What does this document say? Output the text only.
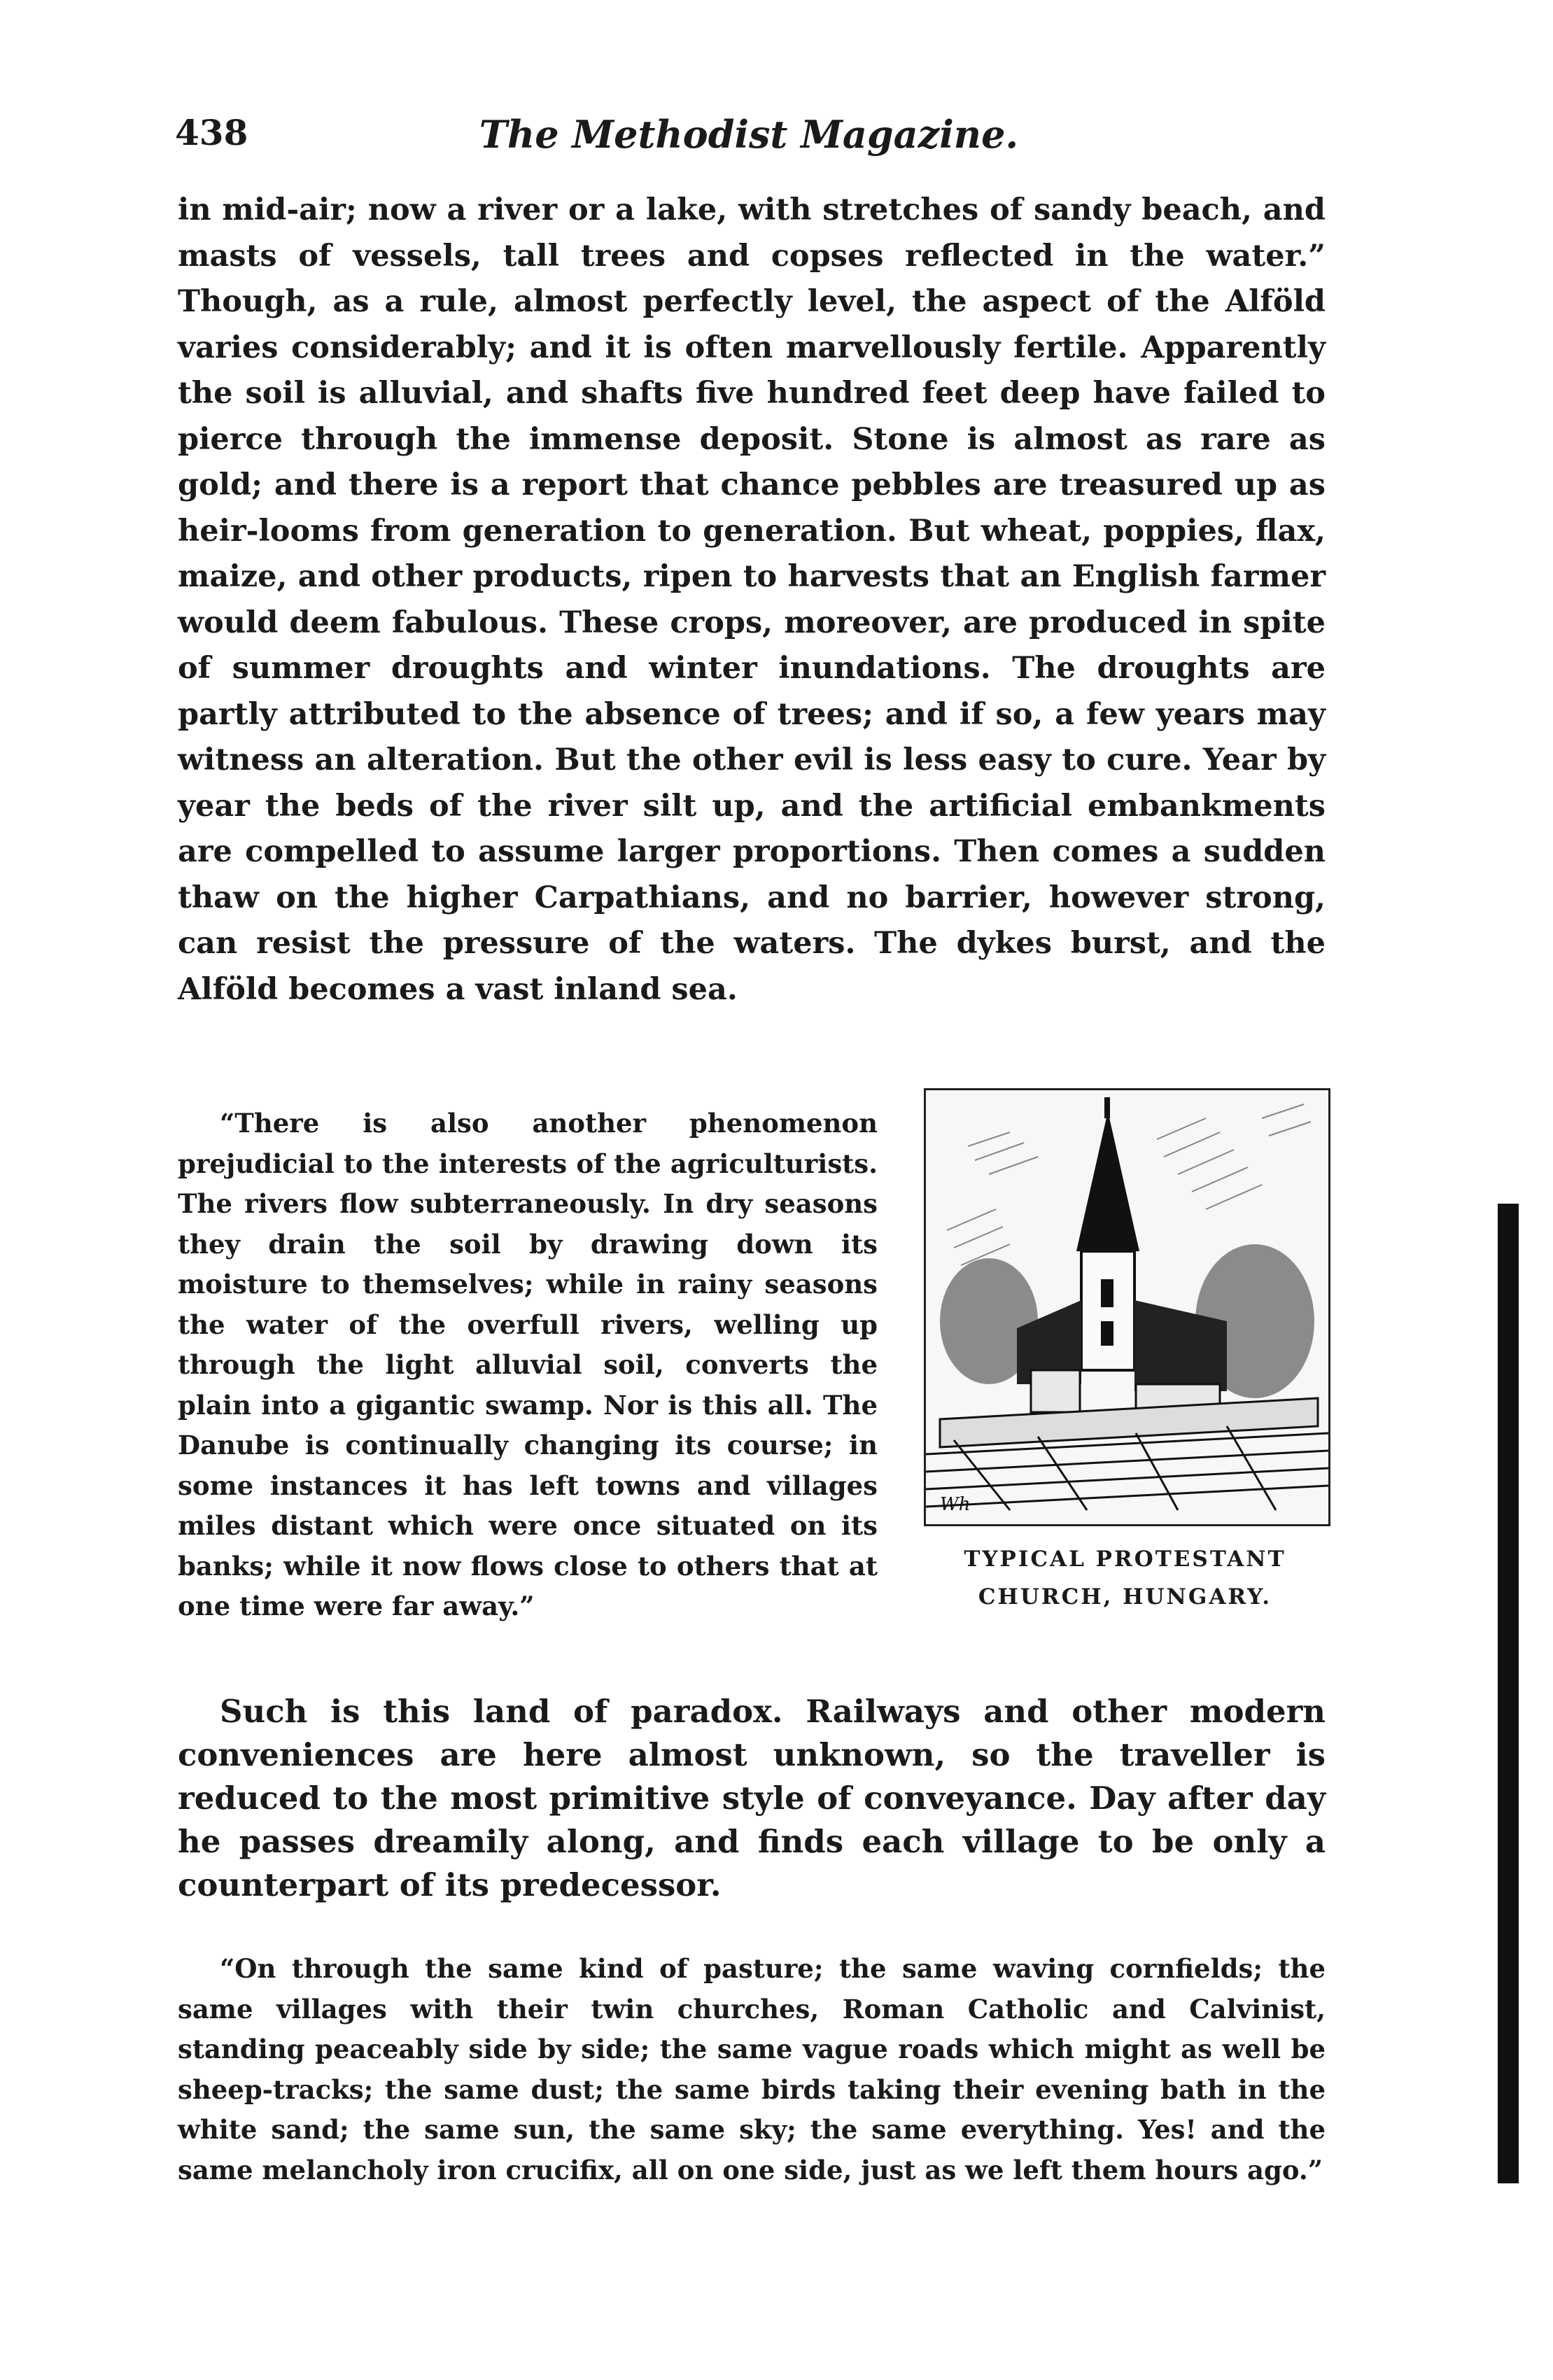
438	The Methodist Magazine.

in mid-air; now a river or a lake, with stretches of sandy beach, and masts of vessels, tall trees and copses reflected in the water.” Though, as a rule, almost perfectly level, the aspect of the Alföld varies considerably; and it is often marvellously fertile. Apparently the soil is alluvial, and shafts five hundred feet deep have failed to pierce through the immense deposit. Stone is almost as rare as gold; and there is a report that chance pebbles are treasured up as heir-looms from generation to generation. But wheat, poppies, flax, maize, and other products, ripen to harvests that an English farmer would deem fabulous. These crops, moreover, are produced in spite of summer droughts and winter inundations. The droughts are partly attributed to the absence of trees; and if so, a few years may witness an alteration. But the other evil is less easy to cure. Year by year the beds of the river silt up, and the artificial embankments are compelled to assume larger proportions. Then comes a sudden thaw on the higher Carpathians, and no barrier, however strong, can resist the pressure of the waters. The dykes burst, and the Alföld becomes a vast inland sea.

“There is also another phenomenon prejudicial to the interests of the agriculturists. The rivers flow subterraneously. In dry seasons they drain the soil by drawing down its moisture to themselves; while in rainy seasons the water of the overfull rivers, welling up through the light alluvial soil, converts the plain into a gigantic swamp. Nor is this all. The Danube is continually changing its course; in some instances it has left towns and villages miles distant which were once situated on its banks; while it now flows close to others that at one time were far away.”

Wh
TYPICAL PROTESTANT
CHURCH, HUNGARY.

Such is this land of paradox. Railways and other modern conveniences are here almost unknown, so the traveller is reduced to the most primitive style of conveyance. Day after day he passes dreamily along, and finds each village to be only a counterpart of its predecessor.

“On through the same kind of pasture; the same waving cornfields; the same villages with their twin churches, Roman Catholic and Calvinist, standing peaceably side by side; the same vague roads which might as well be sheep-tracks; the same dust; the same birds taking their evening bath in the white sand; the same sun, the same sky; the same everything. Yes! and the same melancholy iron crucifix, all on one side, just as we left them hours ago.”
